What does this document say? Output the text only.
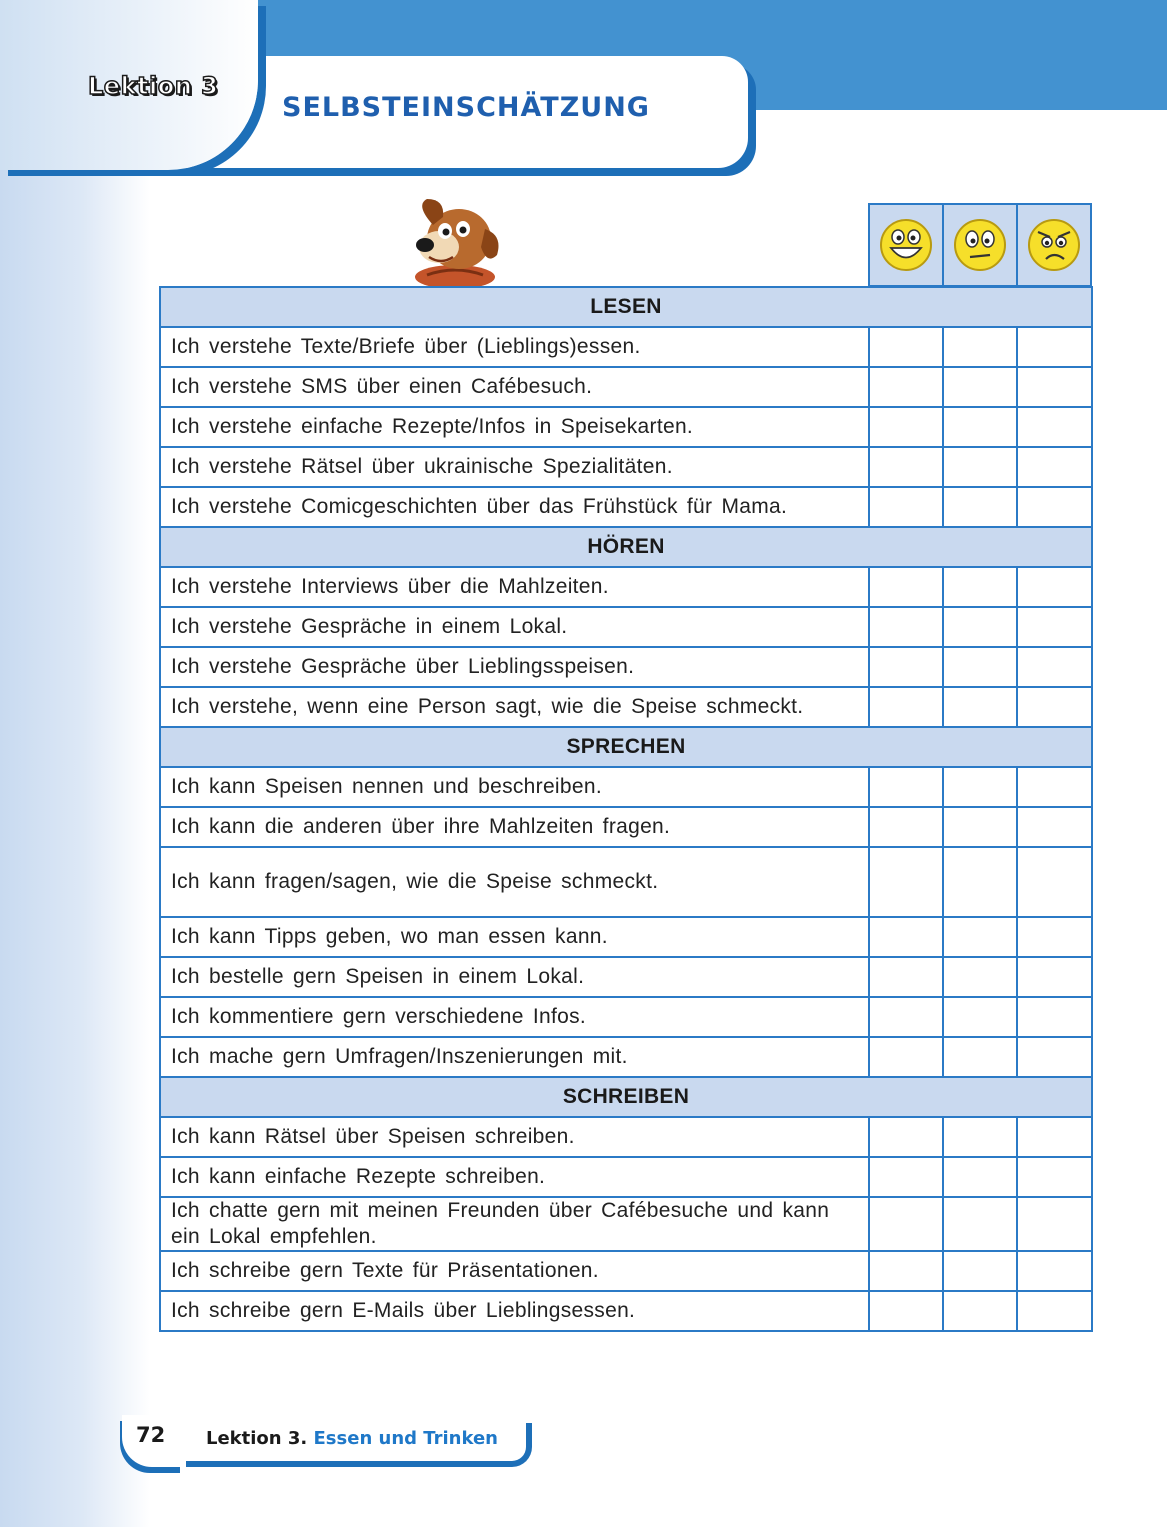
Lektion 3
SELBSTEINSCHÄTZUNG

LESEN			
Ich verstehe Texte/Briefe über (Lieblings)essen.			
Ich verstehe SMS über einen Cafébesuch.			
Ich verstehe einfache Rezepte/Infos in Speisekarten.			
Ich verstehe Rätsel über ukrainische Spezialitäten.			
Ich verstehe Comicgeschichten über das Frühstück für Mama.			
HÖREN			
Ich verstehe Interviews über die Mahlzeiten.			
Ich verstehe Gespräche in einem Lokal.			
Ich verstehe Gespräche über Lieblingsspeisen.			
Ich verstehe, wenn eine Person sagt, wie die Speise schmeckt.			
SPRECHEN			
Ich kann Speisen nennen und beschreiben.			
Ich kann die anderen über ihre Mahlzeiten fragen.			
Ich kann fragen/sagen, wie die Speise schmeckt.			
Ich kann Tipps geben, wo man essen kann.			
Ich bestelle gern Speisen in einem Lokal.			
Ich kommentiere gern verschiedene Infos.			
Ich mache gern Umfragen/Inszenierungen mit.			
SCHREIBEN			
Ich kann Rätsel über Speisen schreiben.			
Ich kann einfache Rezepte schreiben.			
Ich chatte gern mit meinen Freunden über Cafébesuche und kann ein Lokal empfehlen.			
Ich schreibe gern Texte für Präsentationen.			
Ich schreibe gern E-Mails über Lieblingsessen.			
72 Lektion 3. Essen und Trinken
